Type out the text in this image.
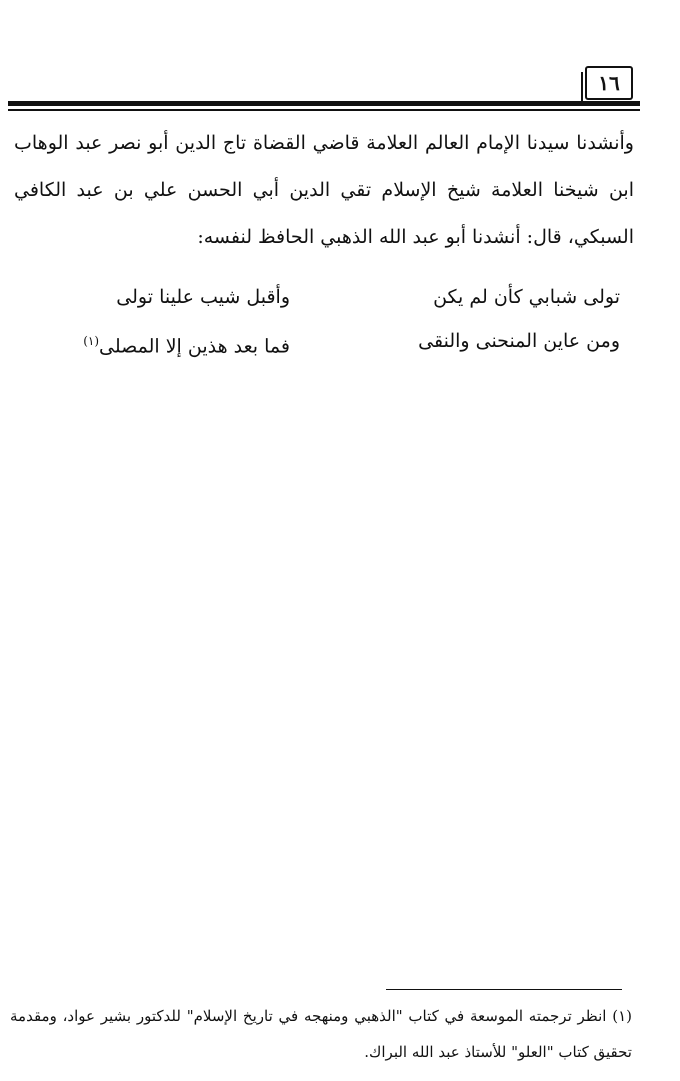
١٦

وأنشدنا سيدنا الإمام العالم العلامة قاضي القضاة تاج الدين أبو نصر عبد الوهاب ابن شيخنا العلامة شيخ الإسلام تقي الدين أبي الحسن علي بن عبد الكافي السبكي، قال: أنشدنا أبو عبد الله الذهبي الحافظ لنفسه:

تولى شبابي كأن لم يكن
وأقبل شيب علينا تولى
ومن عاين المنحنى والنقى
فما بعد هذين إلا المصلى$^{(١)}$

(١) انظر ترجمته الموسعة في كتاب "الذهبي ومنهجه في تاريخ الإسلام" للدكتور بشير عواد، ومقدمة تحقيق كتاب "العلو" للأستاذ عبد الله البراك.
